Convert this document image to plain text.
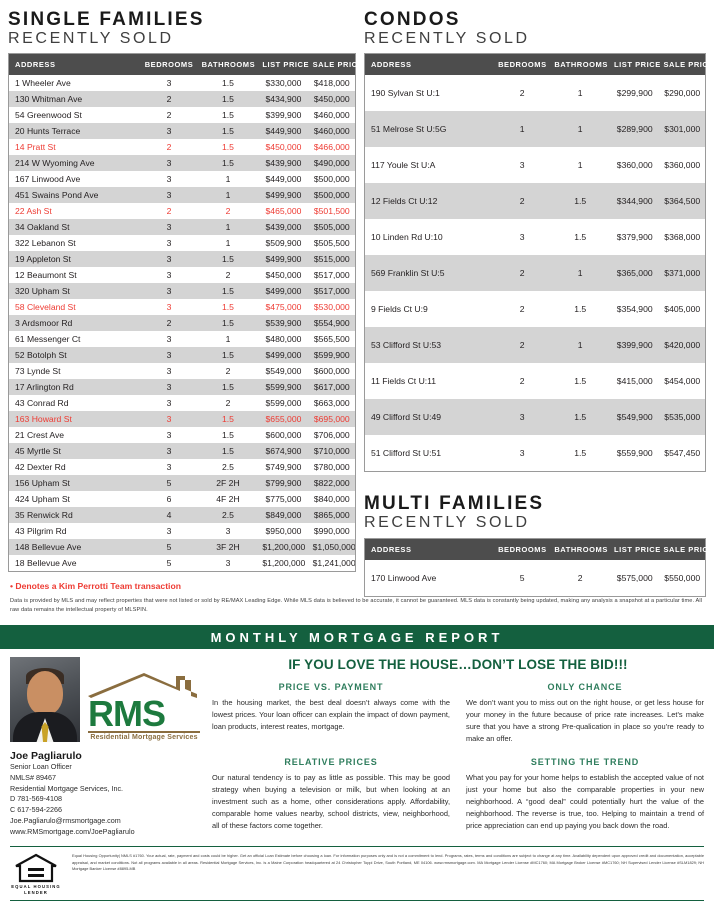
SINGLE FAMILIES
RECENTLY SOLD
ADDRESS	BEDROOMS	BATHROOMS	LIST PRICE	SALE PRICE
1 Wheeler Ave	3	1.5	$330,000	$418,000
130 Whitman Ave	2	1.5	$434,900	$450,000
54 Greenwood St	2	1.5	$399,900	$460,000
20 Hunts Terrace	3	1.5	$449,900	$460,000
14 Pratt St	2	1.5	$450,000	$466,000
214 W Wyoming Ave	3	1.5	$439,900	$490,000
167 Linwood Ave	3	1	$449,000	$500,000
451 Swains Pond Ave	3	1	$499,900	$500,000
22 Ash St	2	2	$465,000	$501,500
34 Oakland St	3	1	$439,000	$505,000
322 Lebanon St	3	1	$509,900	$505,500
19 Appleton St	3	1.5	$499,900	$515,000
12 Beaumont St	3	2	$450,000	$517,000
320 Upham St	3	1.5	$499,000	$517,000
58 Cleveland St	3	1.5	$475,000	$530,000
3 Ardsmoor Rd	2	1.5	$539,900	$554,900
61 Messenger Ct	3	1	$480,000	$565,500
52 Botolph St	3	1.5	$499,000	$599,900
73 Lynde St	3	2	$549,000	$600,000
17 Arlington Rd	3	1.5	$599,900	$617,000
43 Conrad Rd	3	2	$599,000	$663,000
163 Howard St	3	1.5	$655,000	$695,000
21 Crest Ave	3	1.5	$600,000	$706,000
45 Myrtle St	3	1.5	$674,900	$710,000
42 Dexter Rd	3	2.5	$749,900	$780,000
156 Upham St	5	2F 2H	$799,900	$822,000
424 Upham St	6	4F 2H	$775,000	$840,000
35 Renwick Rd	4	2.5	$849,000	$865,000
43 Pilgrim Rd	3	3	$950,000	$990,000
148 Bellevue Ave	5	3F 2H	$1,200,000	$1,050,000
18 Bellevue Ave	5	3	$1,200,000	$1,241,000
• Denotes a Kim Perrotti Team transaction
CONDOS
RECENTLY SOLD
ADDRESS	BEDROOMS	BATHROOMS	LIST PRICE	SALE PRICE
190 Sylvan St U:1	2	1	$299,900	$290,000
51 Melrose St U:5G	1	1	$289,900	$301,000
117 Youle St U:A	3	1	$360,000	$360,000
12 Fields Ct U:12	2	1.5	$344,900	$364,500
10 Linden Rd U:10	3	1.5	$379,900	$368,000
569 Franklin St U:5	2	1	$365,000	$371,000
9 Fields Ct U:9	2	1.5	$354,900	$405,000
53 Clifford St U:53	2	1	$399,900	$420,000
11 Fields Ct U:11	2	1.5	$415,000	$454,000
49 Clifford St U:49	3	1.5	$549,900	$535,000
51 Clifford St U:51	3	1.5	$559,900	$547,450
MULTI FAMILIES
RECENTLY SOLD
ADDRESS	BEDROOMS	BATHROOMS	LIST PRICE	SALE PRICE
170 Linwood Ave	5	2	$575,000	$550,000
Data is provided by MLS and may reflect properties that were not listed or sold by RE/MAX Leading Edge. While MLS data is believed to be accurate, it cannot be guaranteed. MLS data is constantly being updated, making any analysis a snapshot at a particular time. All raw data remains the intellectual property of MLSPIN.
MONTHLY MORTGAGE REPORT
RMS
Residential Mortgage Services
Joe Pagliarulo
Senior Loan Officer
NMLS# 89467
Residential Mortgage Services, Inc.
D 781-569-4108
C 617-594-2266
Joe.Pagliarulo@rmsmortgage.com
www.RMSmortgage.com/JoePagliarulo
IF YOU LOVE THE HOUSE…DON’T LOSE THE BID!!!
PRICE VS. PAYMENT
In the housing market, the best deal doesn’t always come with the lowest prices. Your loan officer can explain the impact of down payment, loan products, interest reates, mortgage.
ONLY CHANCE
We don’t want you to miss out on the right house, or get less house for your money in the future because of price rate increases. Let’s make sure that you have a strong Pre-qualication in place so you’re ready to make an offer.
RELATIVE PRICES
Our natural tendency is to pay as little as possible. This may be good strategy when buying a television or milk, but when looking at an investment such as a home, other considerations apply. Affordability, comparable home values nearby, school districts, view, neighborhood, all of these factors come together.
SETTING THE TREND
What you pay for your home helps to establish the accepted value of not just your home but also the comparable properties in your new neighborhood. A “good deal” could potentially hurt the value of the neighborhood. The reverse is true, too. Helping to maintain a trend of price appreciation can end up paying you back down the road.
EQUAL HOUSING
LENDER
Equal Housing Opportunity| NMLS #1760. Your actual, rate, payment and costs could be higher. Get an official Loan Estimate before choosing a loan. For information purposes only and is not a commitment to lend. Programs, rates, terms and conditions are subject to change at any time. Availability dependent upon approved credit and documentation, acceptable appraisal, and market conditions. Not all programs available in all areas. Residential Mortgage Services, Inc. is a Maine Corporation headquartered at 24 Christopher Toppi Drive, South Portland, ME 04106. www.rmsmortgage.com. MA Mortgage Lender License #MC1760; MA Mortgage Broker License #MC1760; NH Supervised Lender License #SLM1829; NH Mortgage Banker License #8895-MB
